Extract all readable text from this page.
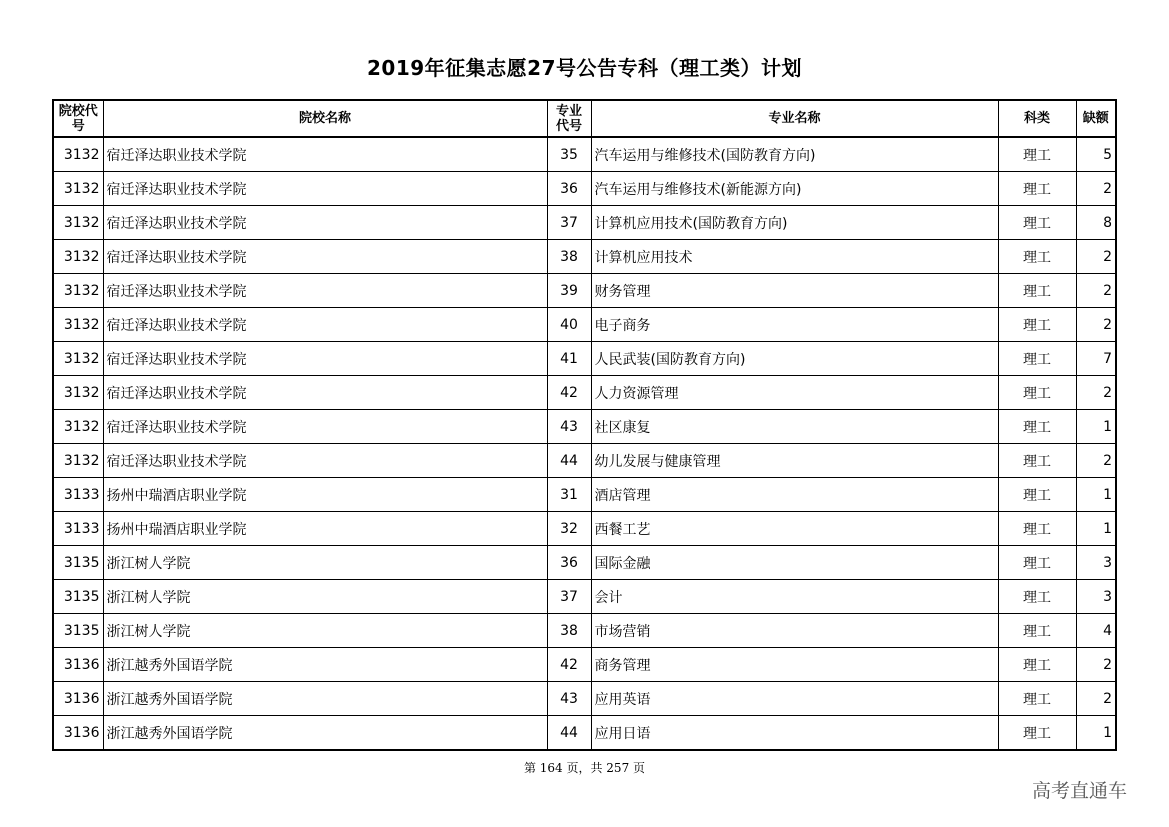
2019年征集志愿27号公告专科（理工类）计划
院校代号	院校名称	专业代号	专业名称	科类	缺额
3132	宿迁泽达职业技术学院	35	汽车运用与维修技术(国防教育方向)	理工	5
3132	宿迁泽达职业技术学院	36	汽车运用与维修技术(新能源方向)	理工	2
3132	宿迁泽达职业技术学院	37	计算机应用技术(国防教育方向)	理工	8
3132	宿迁泽达职业技术学院	38	计算机应用技术	理工	2
3132	宿迁泽达职业技术学院	39	财务管理	理工	2
3132	宿迁泽达职业技术学院	40	电子商务	理工	2
3132	宿迁泽达职业技术学院	41	人民武装(国防教育方向)	理工	7
3132	宿迁泽达职业技术学院	42	人力资源管理	理工	2
3132	宿迁泽达职业技术学院	43	社区康复	理工	1
3132	宿迁泽达职业技术学院	44	幼儿发展与健康管理	理工	2
3133	扬州中瑞酒店职业学院	31	酒店管理	理工	1
3133	扬州中瑞酒店职业学院	32	西餐工艺	理工	1
3135	浙江树人学院	36	国际金融	理工	3
3135	浙江树人学院	37	会计	理工	3
3135	浙江树人学院	38	市场营销	理工	4
3136	浙江越秀外国语学院	42	商务管理	理工	2
3136	浙江越秀外国语学院	43	应用英语	理工	2
3136	浙江越秀外国语学院	44	应用日语	理工	1
第 164 页，共 257 页
高考直通车
